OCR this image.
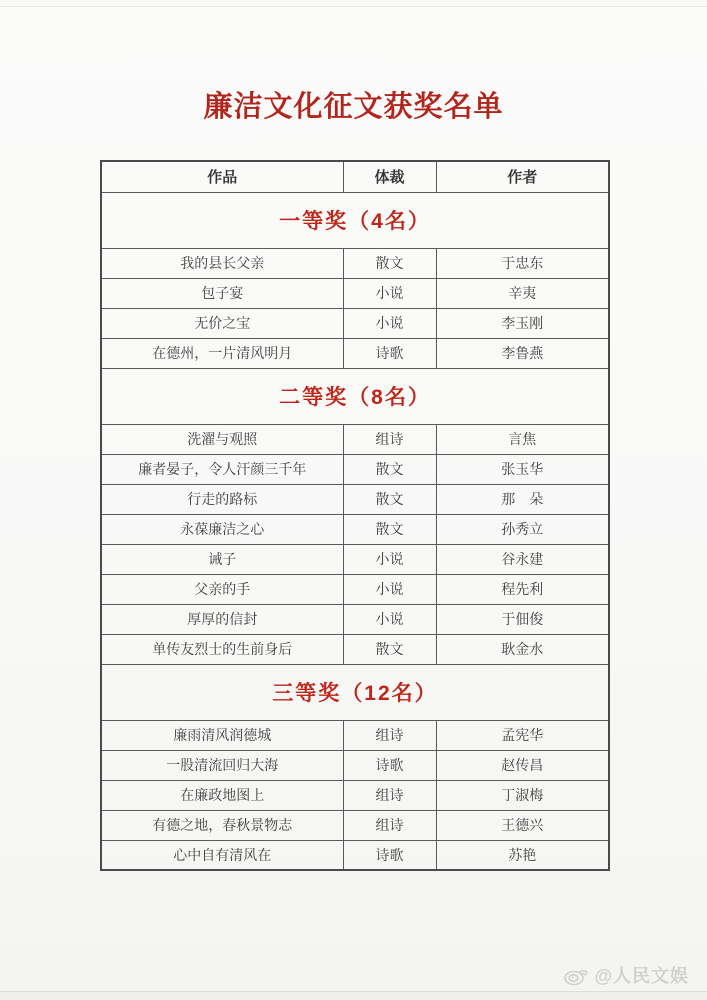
廉洁文化征文获奖名单
作品	体裁	作者
一等奖（4名）		
我的县长父亲	散文	于忠东
包子宴	小说	辛夷
无价之宝	小说	李玉刚
在德州，一片清风明月	诗歌	李鲁燕
二等奖（8名）		
洗濯与观照	组诗	言焦
廉者晏子，令人汗颜三千年	散文	张玉华
行走的路标	散文	那　朵
永葆廉洁之心	散文	孙秀立
诫子	小说	谷永建
父亲的手	小说	程先利
厚厚的信封	小说	于佃俊
单传友烈士的生前身后	散文	耿金水
三等奖（12名）		
廉雨清风润德城	组诗	孟宪华
一股清流回归大海	诗歌	赵传昌
在廉政地图上	组诗	丁淑梅
有德之地，春秋景物志	组诗	王德兴
心中自有清风在	诗歌	苏艳
@人民文娱
